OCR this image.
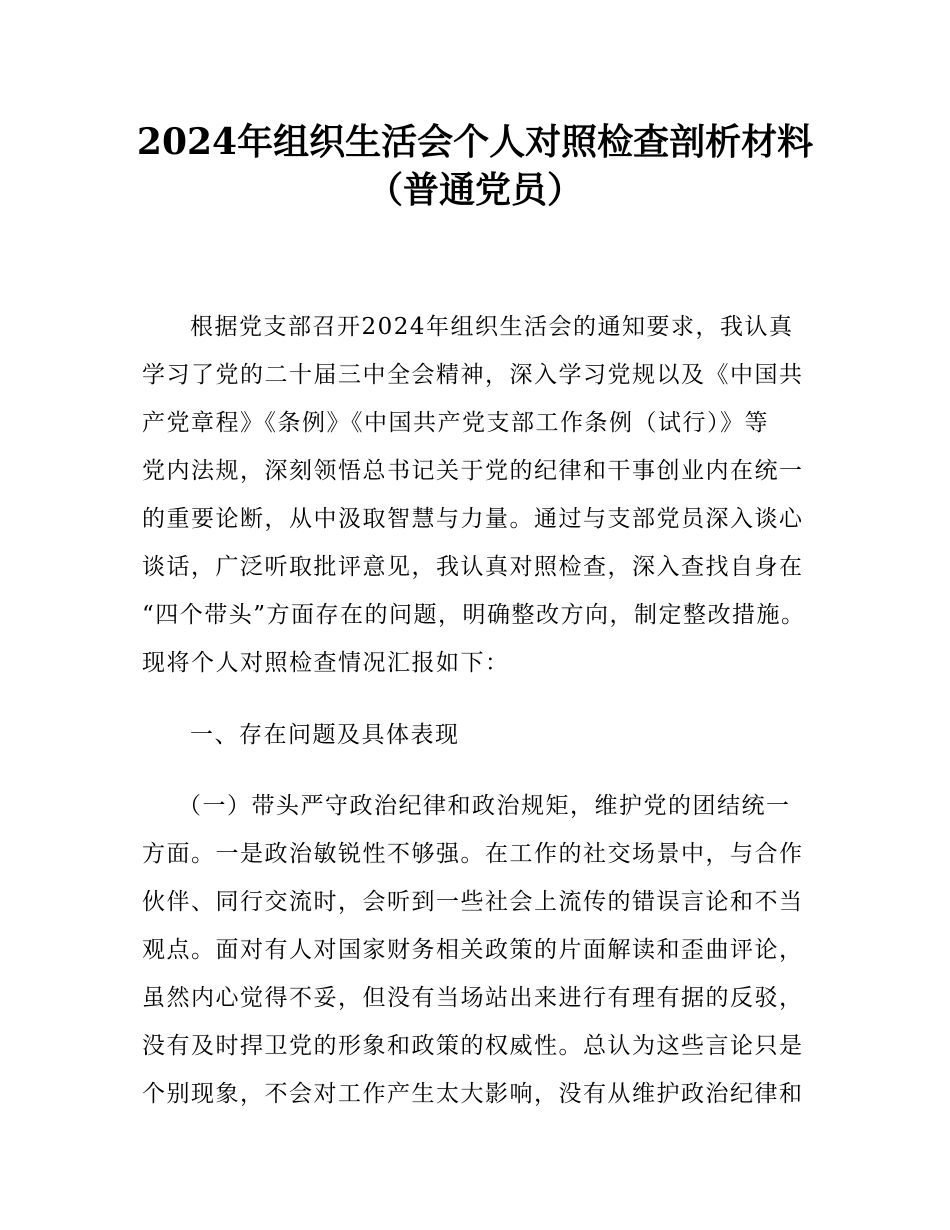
2024年组织生活会个人对照检查剖析材料
（普通党员）
根据党支部召开2024年组织生活会的通知要求，我认真
学习了党的二十届三中全会精神，深入学习党规以及《中国共
产党章程》《条例》《中国共产党支部工作条例（试行）》等
党内法规，深刻领悟总书记关于党的纪律和干事创业内在统一
的重要论断，从中汲取智慧与力量。通过与支部党员深入谈心
谈话，广泛听取批评意见，我认真对照检查，深入查找自身在
“四个带头”方面存在的问题，明确整改方向，制定整改措施。
现将个人对照检查情况汇报如下：
一、存在问题及具体表现
（一）带头严守政治纪律和政治规矩，维护党的团结统一
方面。一是政治敏锐性不够强。在工作的社交场景中，与合作
伙伴、同行交流时，会听到一些社会上流传的错误言论和不当
观点。面对有人对国家财务相关政策的片面解读和歪曲评论，
虽然内心觉得不妥，但没有当场站出来进行有理有据的反驳，
没有及时捍卫党的形象和政策的权威性。总认为这些言论只是
个别现象，不会对工作产生太大影响，没有从维护政治纪律和
